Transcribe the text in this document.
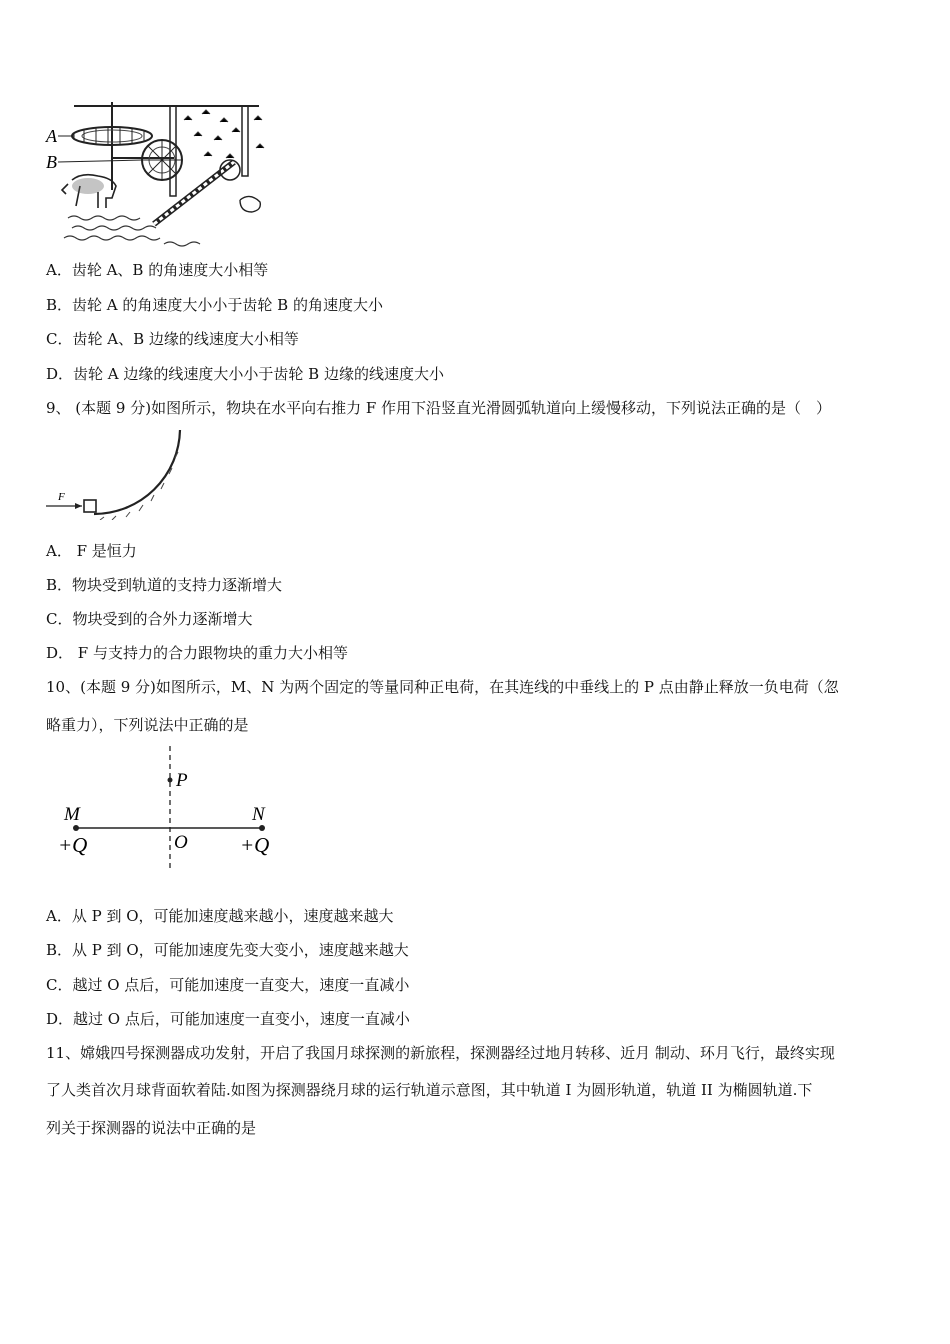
A
B
A．齿轮 A、B 的角速度大小相等
B．齿轮 A 的角速度大小小于齿轮 B 的角速度大小
C．齿轮 A、B 边缘的线速度大小相等
D．齿轮 A 边缘的线速度大小小于齿轮 B 边缘的线速度大小
9、 (本题 9 分)如图所示，物块在水平向右推力 F 作用下沿竖直光滑圆弧轨道向上缓慢移动，下列说法正确的是（　）
F
A． F 是恒力
B．物块受到轨道的支持力逐渐增大
C．物块受到的合外力逐渐增大
D． F 与支持力的合力跟物块的重力大小相等
10、(本题 9 分)如图所示，M、N 为两个固定的等量同种正电荷，在其连线的中垂线上的 P 点由静止释放一负电荷（忽
略重力），下列说法中正确的是
P
M	N
O
+Q	+Q
A．从 P 到 O，可能加速度越来越小，速度越来越大
B．从 P 到 O，可能加速度先变大变小，速度越来越大
C．越过 O 点后，可能加速度一直变大，速度一直减小
D．越过 O 点后，可能加速度一直变小，速度一直减小
11、嫦娥四号探测器成功发射，开启了我国月球探测的新旅程，探测器经过地月转移、近月 制动、环月飞行，最终实现
了人类首次月球背面软着陆.如图为探测器绕月球的运行轨道示意图，其中轨道 I 为圆形轨道，轨道 II 为椭圆轨道.下
列关于探测器的说法中正确的是
